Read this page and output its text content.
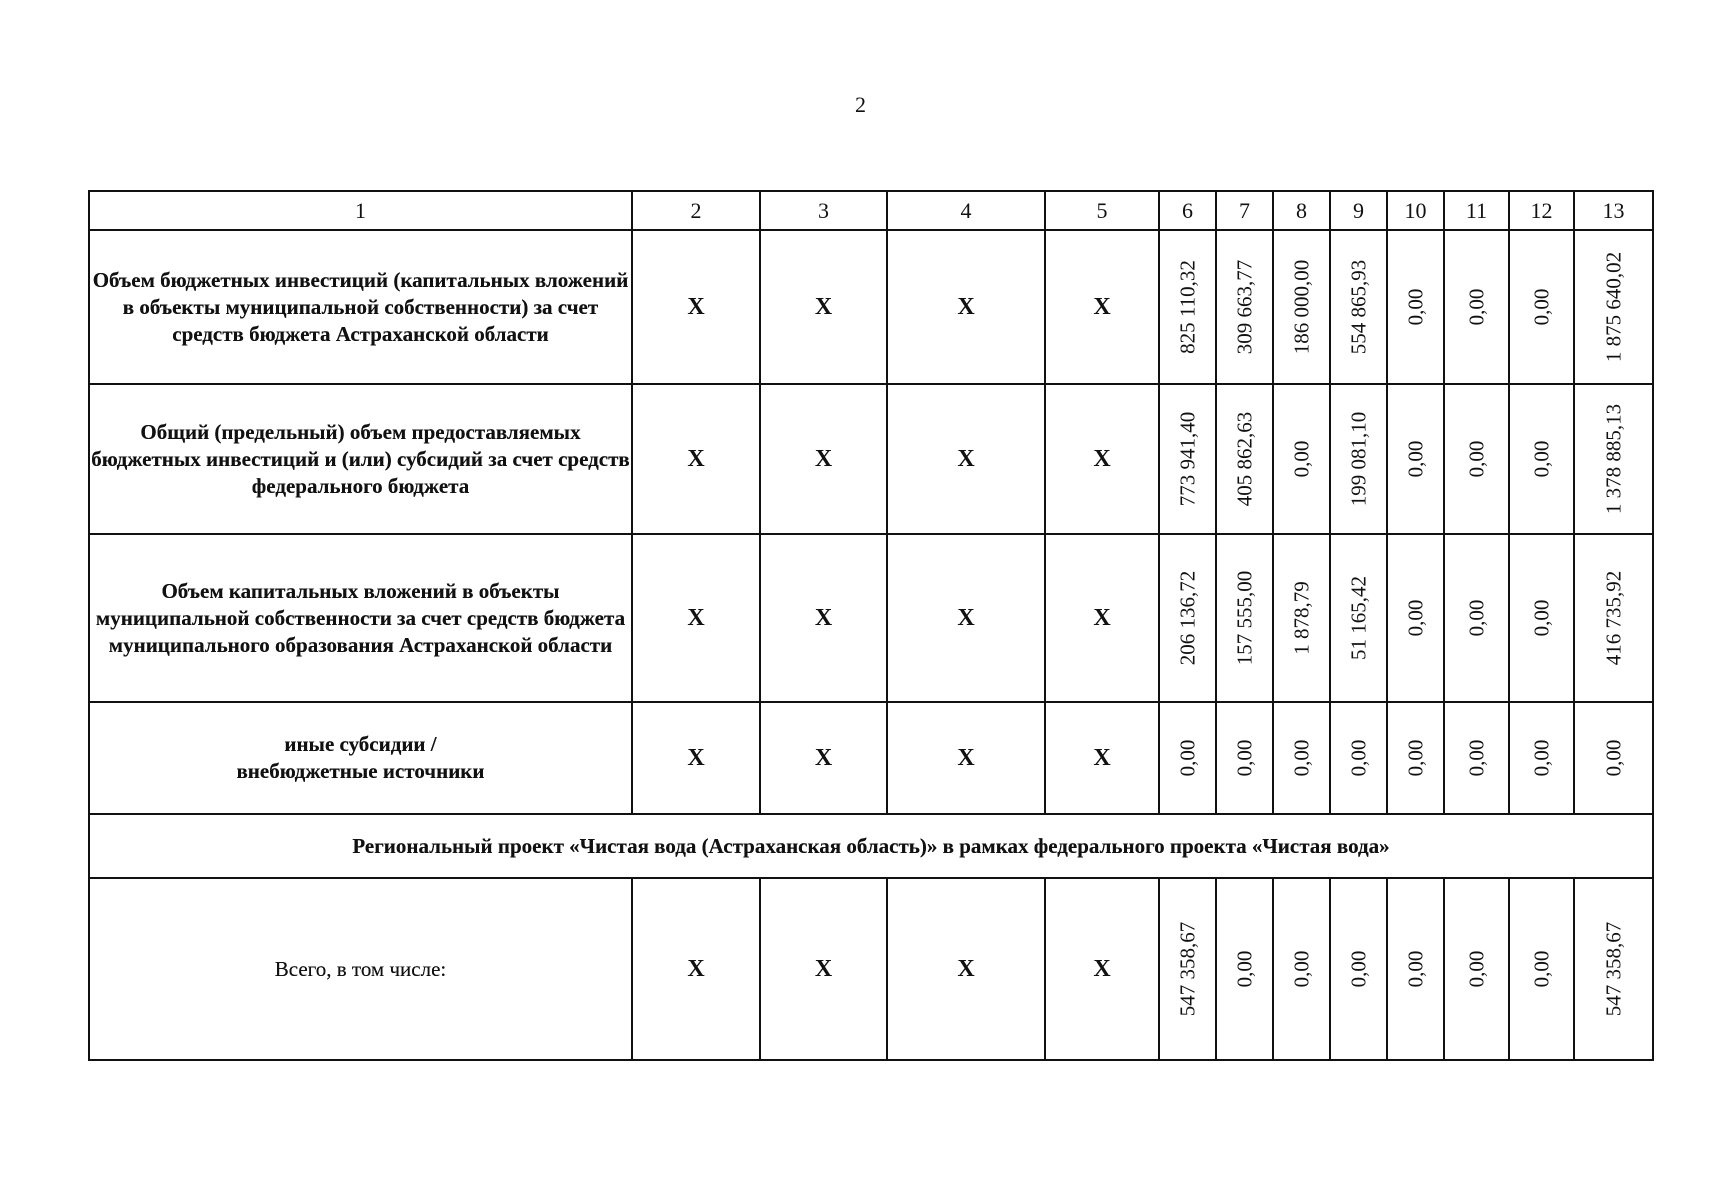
2
1	2	3	4	5	6	7	8	9	10	11	12	13
Объем бюджетных инвестиций (капитальных вложений в объекты муниципальной собственности) за счет средств бюджета Астраханской области	Х	Х	Х	Х	825 110,32	309 663,77	186 000,00	554 865,93	0,00	0,00	0,00	1 875 640,02

Общий (предельный) объем предоставляемых бюджетных инвестиций и (или) субсидий за счет средств федерального бюджета	Х	Х	Х	Х	773 941,40	405 862,63	0,00	199 081,10	0,00	0,00	0,00	1 378 885,13

Объем капитальных вложений в объекты муниципальной собственности за счет средств бюджета муниципального образования Астраханской области	Х	Х	Х	Х	206 136,72	157 555,00	1 878,79	51 165,42	0,00	0,00	0,00	416 735,92

иные субсидии /
внебюджетные источники	Х	Х	Х	Х	0,00	0,00	0,00	0,00	0,00	0,00	0,00	0,00

Региональный проект «Чистая вода (Астраханская область)» в рамках федерального проекта «Чистая вода»												
Всего, в том числе:	Х	Х	Х	Х	547 358,67	0,00	0,00	0,00	0,00	0,00	0,00	547 358,67
